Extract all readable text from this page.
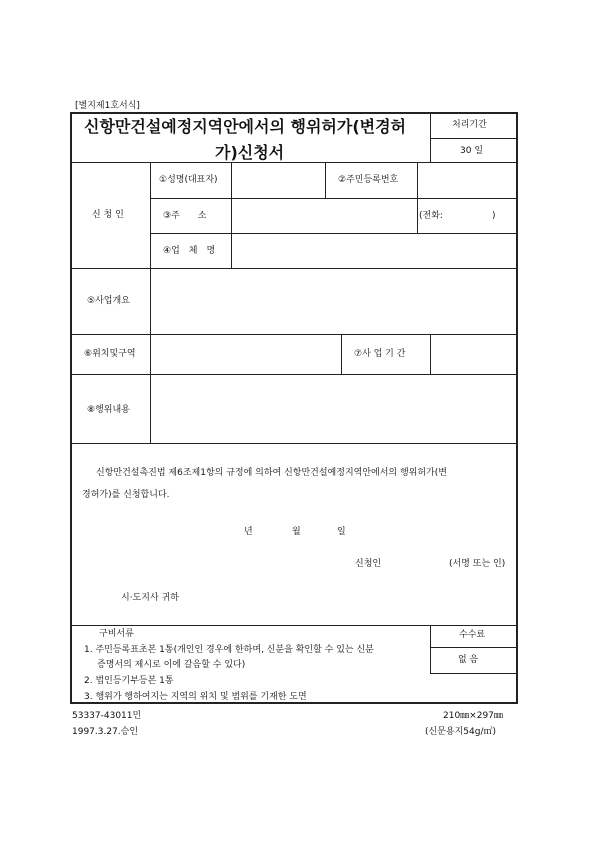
[별지제1호서식]
신항만건설예정지역안에서의 행위허가(변경허
가)신청서
처리기간
30 일
신 청 인
①성명(대표자)	②주민등록번호
③주　　소	(전화:	)
④업　체　명
⑤사업개요
⑥위치및구역	⑦사 업 기 간
⑧행위내용
신항만건설촉진법 제6조제1항의 규정에 의하여 신항만건설예정지역안에서의 행위허가(변
경허가)를 신청합니다.
년	월	일
신청인	(서명 또는 인)
시·도지사 귀하
수수료
없 음
구비서류
1. 주민등록표초본 1통(개인인 경우에 한하며, 신분을 확인할 수 있는 신분
증명서의 제시로 이에 갈음할 수 있다)
2. 법인등기부등본 1통
3. 행위가 행하여지는 지역의 위치 및 범위를 기재한 도면
53337-43011민
1997.3.27.승인
210㎜×297㎜
(신문용지54g/㎡)
